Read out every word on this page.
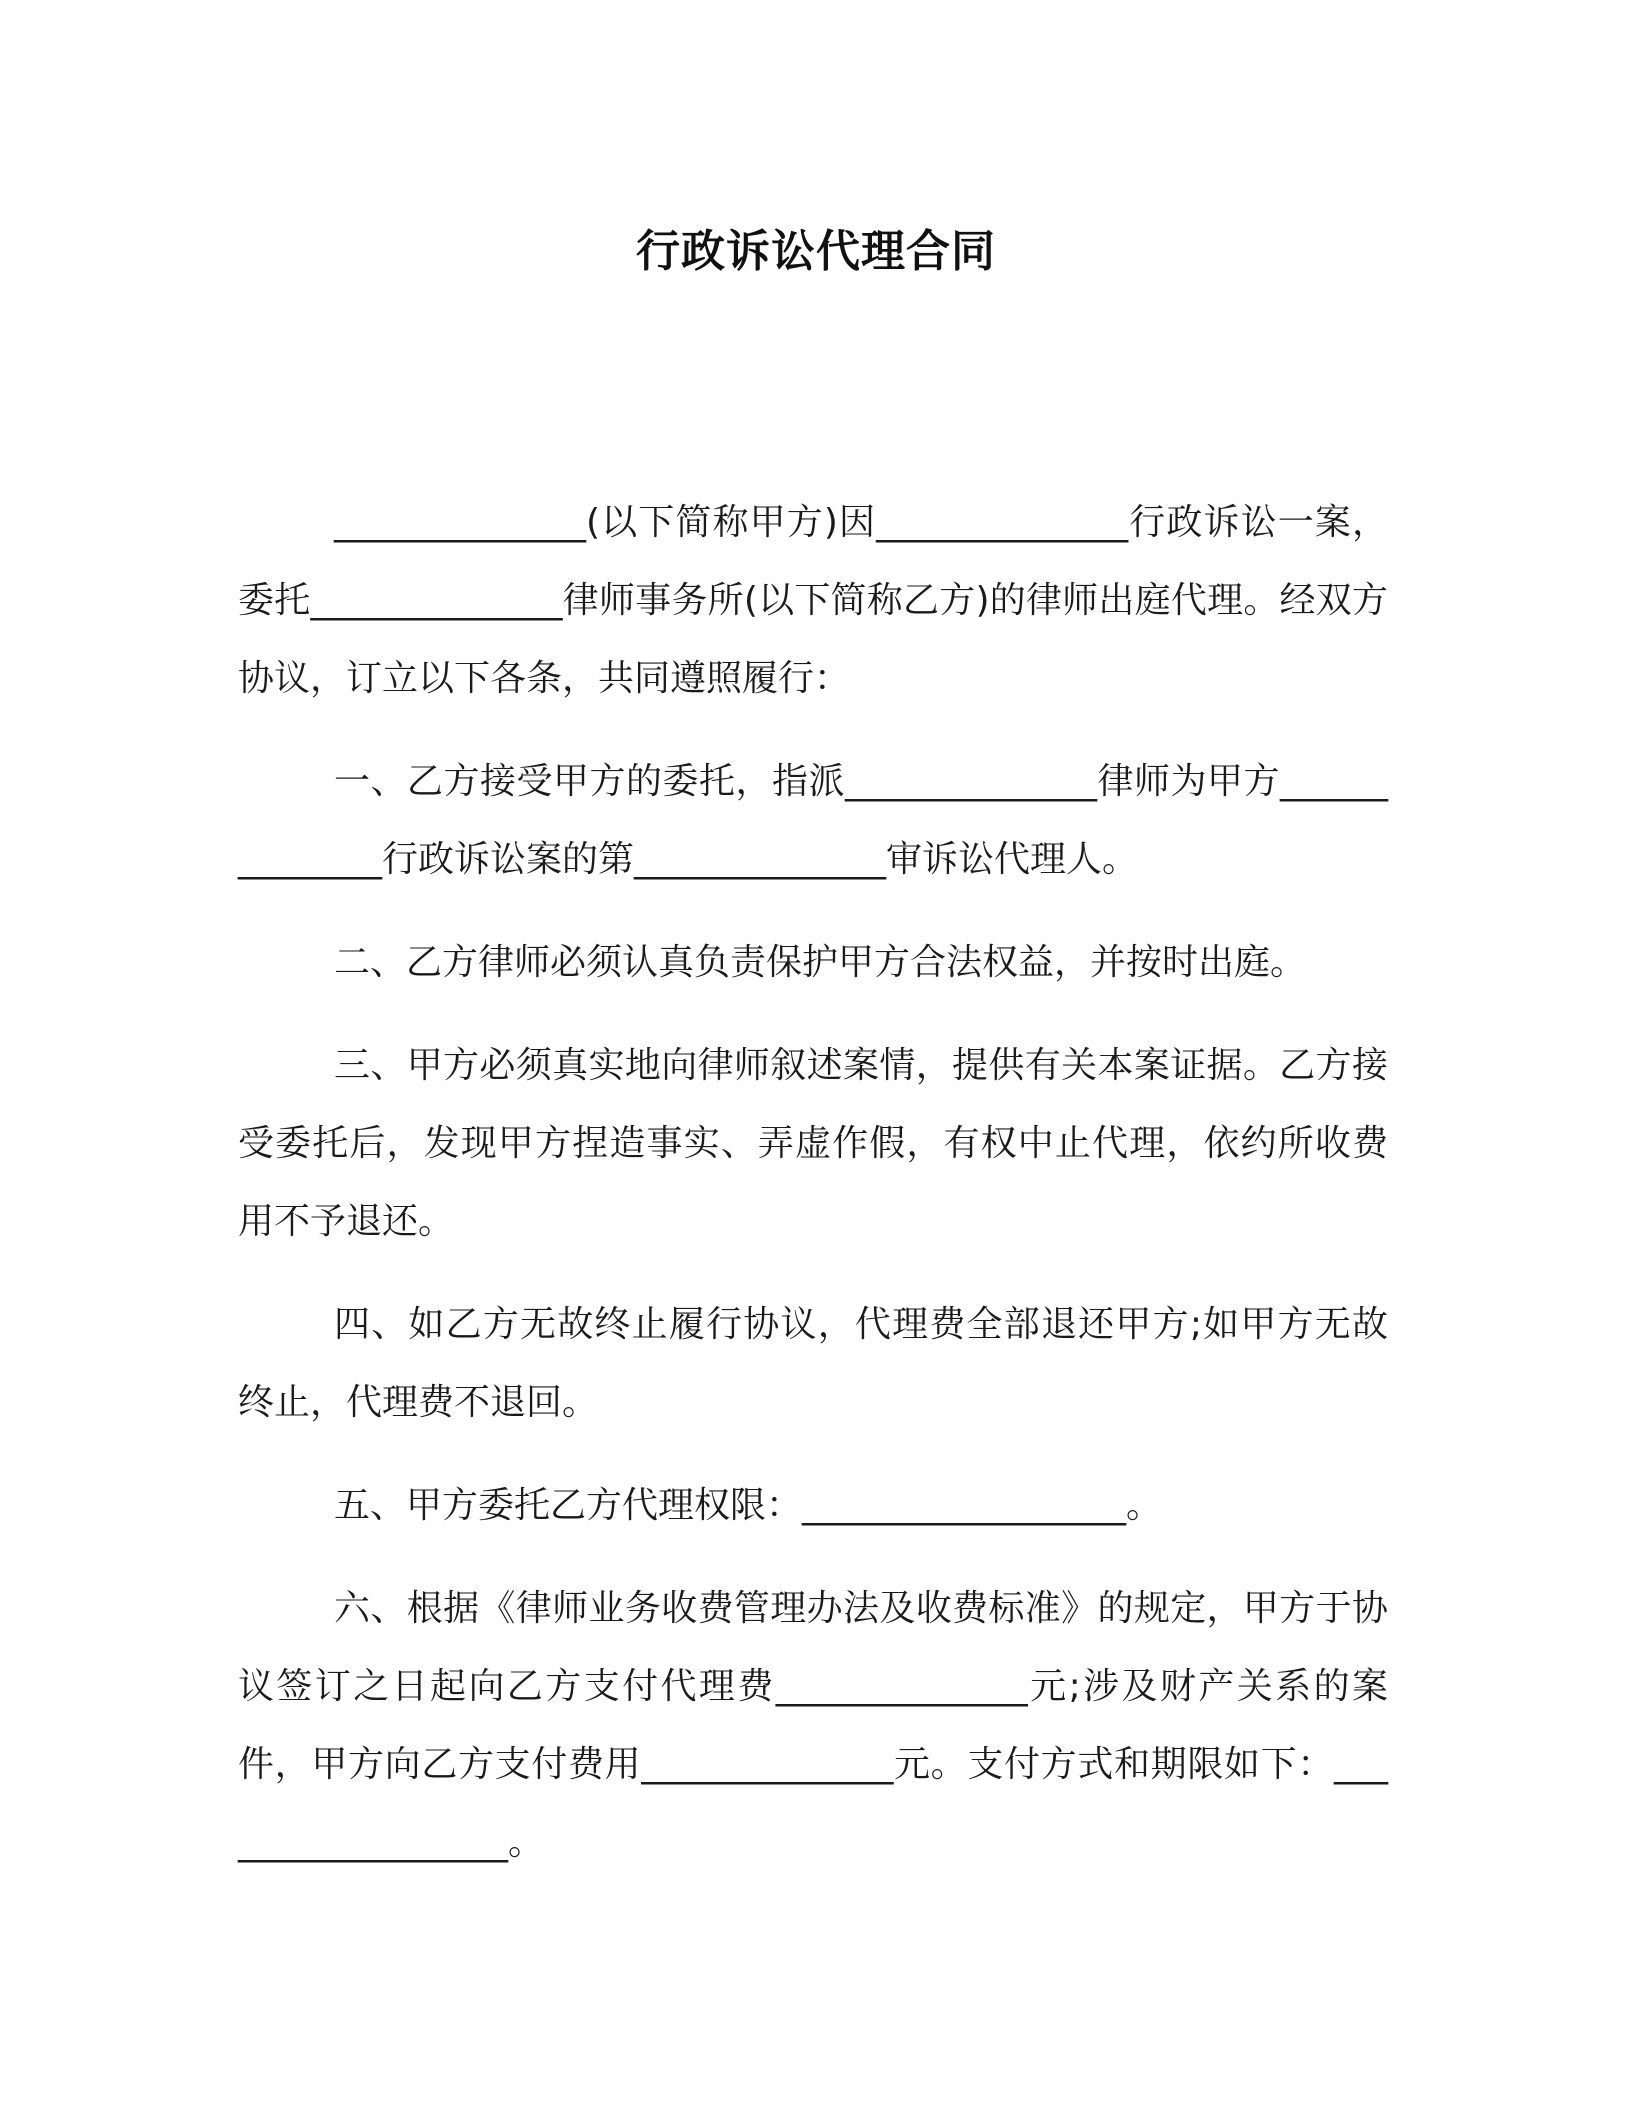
行政诉讼代理合同

______________(以下简称甲方)因______________行政诉讼一案，委托______________律师事务所(以下简称乙方)的律师出庭代理。经双方协议，订立以下各条，共同遵照履行：

一、乙方接受甲方的委托，指派______________律师为甲方______________行政诉讼案的第______________审诉讼代理人。

二、乙方律师必须认真负责保护甲方合法权益，并按时出庭。

三、甲方必须真实地向律师叙述案情，提供有关本案证据。乙方接受委托后，发现甲方捏造事实、弄虚作假，有权中止代理，依约所收费用不予退还。

四、如乙方无故终止履行协议，代理费全部退还甲方;如甲方无故终止，代理费不退回。

五、甲方委托乙方代理权限：__________________。

六、根据《律师业务收费管理办法及收费标准》的规定，甲方于协议签订之日起向乙方支付代理费______________元;涉及财产关系的案件，甲方向乙方支付费用______________元。支付方式和期限如下：__________________。
